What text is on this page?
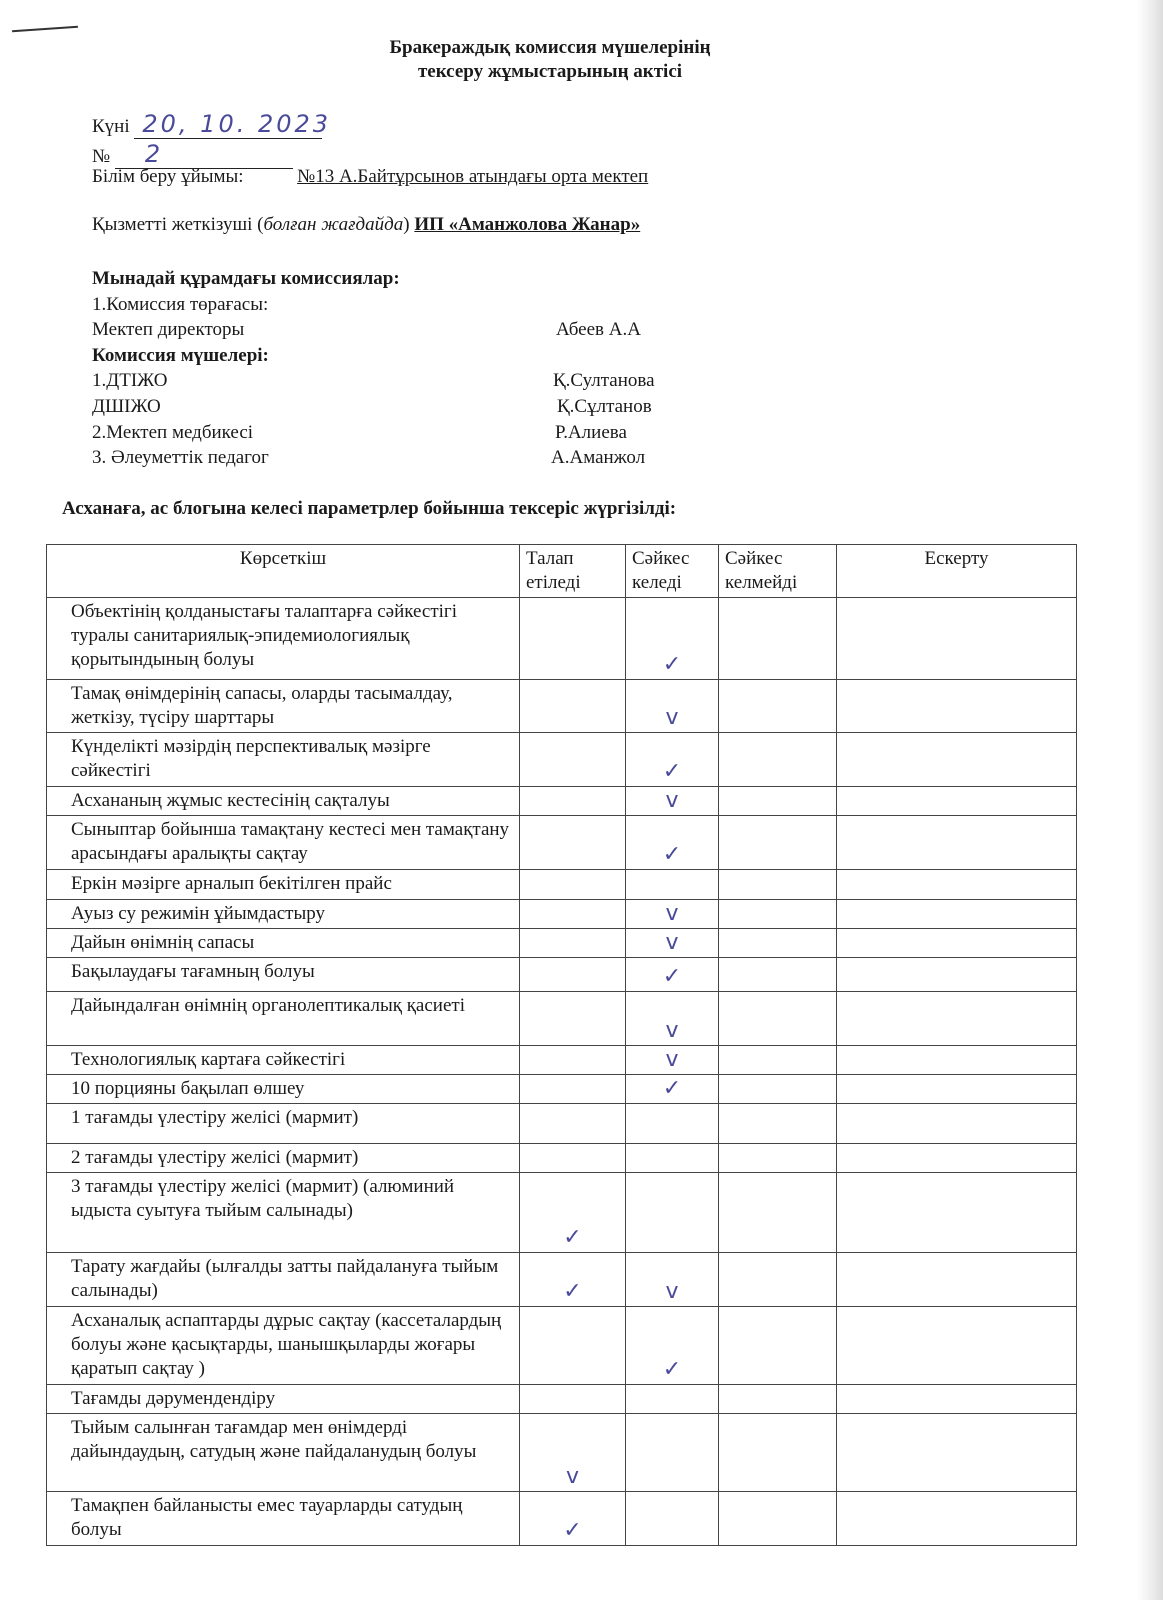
Бракераждық комиссия мүшелерінің
тексеру жұмыстарының актісі
Күні 20, 10. 2023
№ 2
Білім беру ұйымы:	№13 А.Байтұрсынов атындағы орта мектеп
Қызметті жеткізуші (болған жағдайда) ИП «Аманжолова Жанар»
Мынадай құрамдағы комиссиялар:
1.Комиссия төрағасы:
Мектеп директоры	Абеев А.А
Комиссия мүшелері:
1.ДТІЖО	Қ.Султанова
ДШІЖО	Қ.Сұлтанов
2.Мектеп медбикесі	Р.Алиева
3. Әлеуметтік педагог	А.Аманжол
Асханаға, ас блогына келесі параметрлер бойынша тексеріс жүргізілді:
Көрсеткіш	Талап етіледі	Сәйкес келеді	Сәйкес келмейді	Ескерту
Объектінің қолданыстағы талаптарға сәйкестігі туралы санитариялық-эпидемиологиялық қорытындының болуы		✓		
Тамақ өнімдерінің сапасы, оларды тасымалдау, жеткізу, түсіру шарттары		v		
Күнделікті мәзірдің перспективалық мәзірге сәйкестігі		✓		
Асхананың жұмыс кестесінің сақталуы		v		
Сыныптар бойынша тамақтану кестесі мен тамақтану арасындағы аралықты сақтау		✓		
Еркін мәзірге арналып бекітілген прайс				
Ауыз су режимін ұйымдастыру		v		
Дайын өнімнің сапасы		v		
Бақылаудағы тағамның болуы		✓		
Дайындалған өнімнің органолептикалық қасиеті		v		
Технологиялық картаға сәйкестігі		v		
10 порцияны бақылап өлшеу		✓		
1 тағамды үлестіру желісі (мармит)				
2 тағамды үлестіру желісі (мармит)				
3 тағамды үлестіру желісі (мармит) (алюминий ыдыста суытуға тыйым салынады)	✓			
Тарату жағдайы (ылғалды затты пайдалануға тыйым салынады)	✓	v		
Асханалық аспаптарды дұрыс сақтау (кассеталардың болуы және қасықтарды, шанышқыларды жоғары қаратып сақтау )		✓		
Тағамды дәрумендендіру				
Тыйым салынған тағамдар мен өнімдерді дайындаудың, сатудың және пайдаланудың болуы	v			
Тамақпен байланысты емес тауарларды сатудың болуы	✓			
